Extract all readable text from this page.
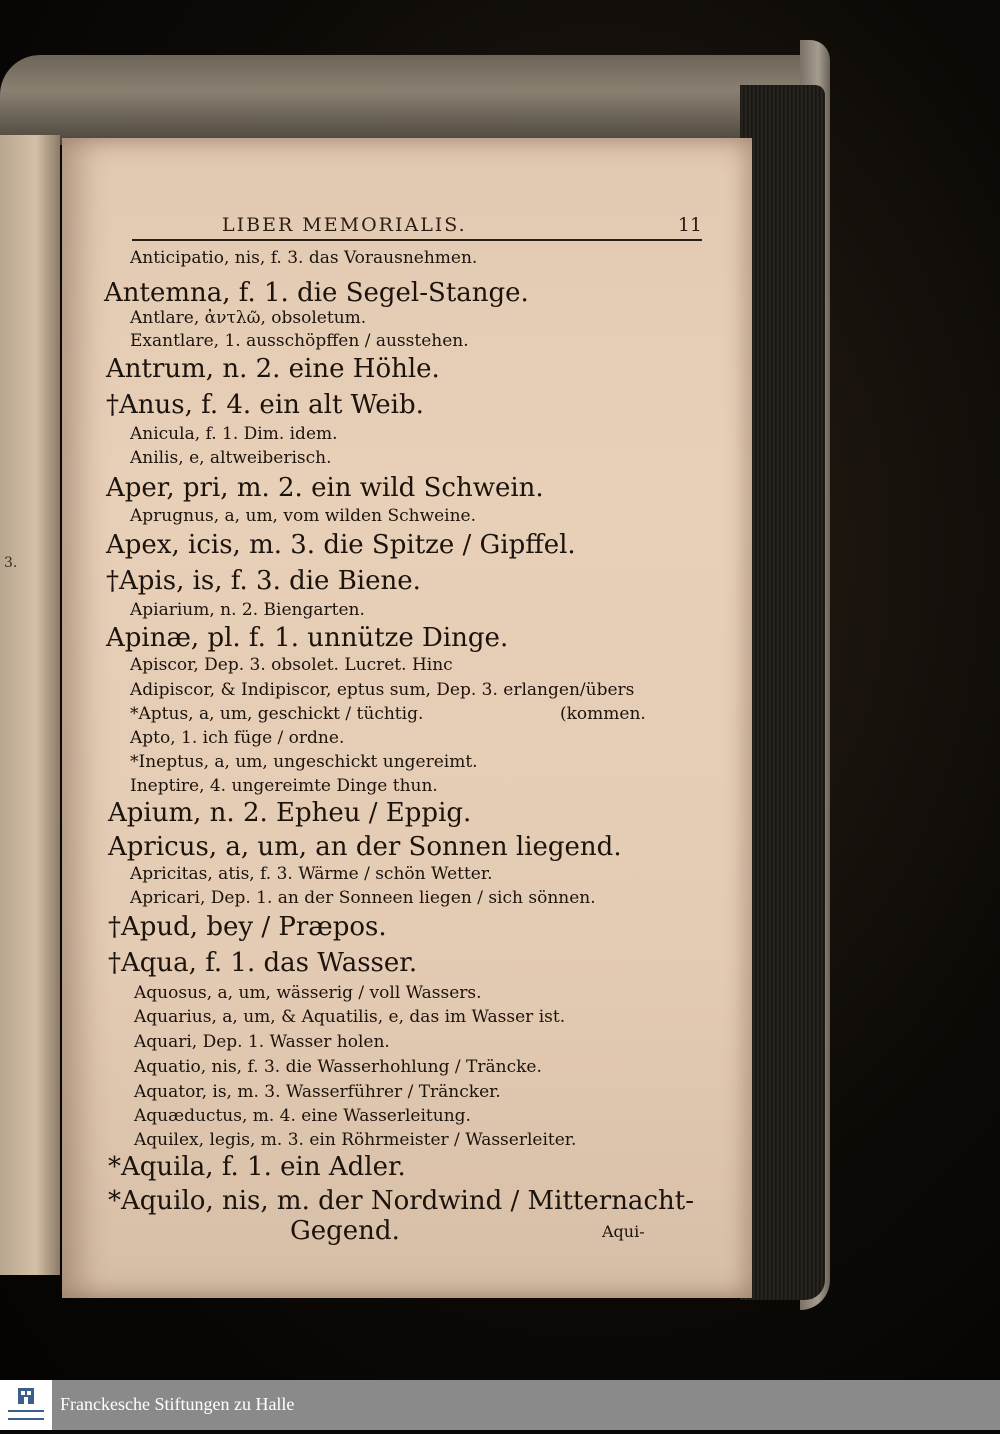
3.
LIBER MEMORIALIS.	11
Anticipatio, nis, f. 3. das Vorausnehmen.
Antemna, f. 1. die Segel-Stange.
Antlare, ἀντλῶ, obsoletum.
Exantlare, 1. ausschöpffen / ausstehen.
Antrum, n. 2. eine Höhle.
†Anus, f. 4. ein alt Weib.
Anicula, f. 1. Dim. idem.
Anilis, e, altweiberisch.
Aper, pri, m. 2. ein wild Schwein.
Aprugnus, a, um, vom wilden Schweine.
Apex, icis, m. 3. die Spitze / Gipffel.
†Apis, is, f. 3. die Biene.
Apiarium, n. 2. Biengarten.
Apinæ, pl. f. 1. unnütze Dinge.
Apiscor, Dep. 3. obsolet. Lucret. Hinc
Adipiscor, & Indipiscor, eptus sum, Dep. 3. erlangen/übers
*Aptus, a, um, geschickt / tüchtig.	(kommen.
Apto, 1. ich füge / ordne.
*Ineptus, a, um, ungeschickt ungereimt.
Ineptire, 4. ungereimte Dinge thun.
Apium, n. 2. Epheu / Eppig.
Apricus, a, um, an der Sonnen liegend.
Apricitas, atis, f. 3. Wärme / schön Wetter.
Apricari, Dep. 1. an der Sonneen liegen / sich sönnen.
†Apud, bey / Præpos.
†Aqua, f. 1. das Wasser.
Aquosus, a, um, wässerig / voll Wassers.
Aquarius, a, um, & Aquatilis, e, das im Wasser ist.
Aquari, Dep. 1. Wasser holen.
Aquatio, nis, f. 3. die Wasserhohlung / Träncke.
Aquator, is, m. 3. Wasserführer / Träncker.
Aquæductus, m. 4. eine Wasserleitung.
Aquilex, legis, m. 3. ein Röhrmeister / Wasserleiter.
*Aquila, f. 1. ein Adler.
*Aquilo, nis, m. der Nordwind / Mitternacht-
Gegend.	Aqui-
Franckesche Stiftungen zu Halle
